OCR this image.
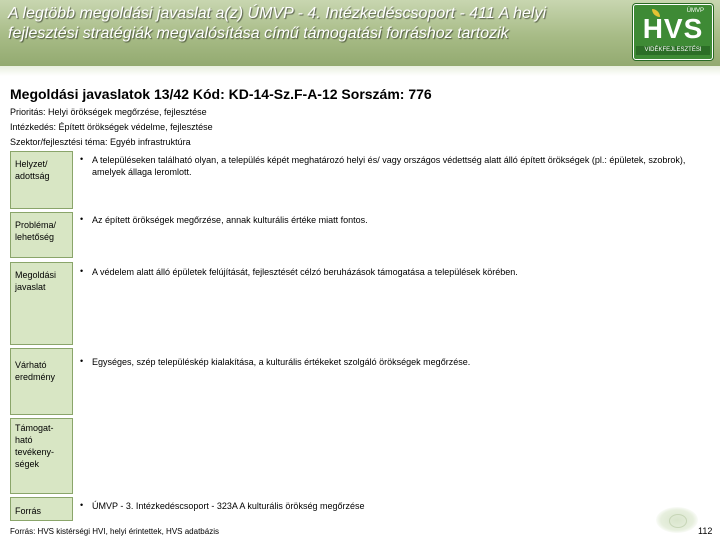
A legtöbb megoldási javaslat a(z) ÚMVP - 4. Intézkedéscsoport - 411 A helyi fejlesztési stratégiák megvalósítása című támogatási forráshoz tartozik
ÚMVP
HVS
VIDÉKFEJLESZTÉSI
Megoldási javaslatok 13/42 Kód: KD-14-Sz.F-A-12 Sorszám: 776
Prioritás: Helyi örökségek megőrzése, fejlesztése
Intézkedés: Épített örökségek védelme, fejlesztése
Szektor/fejlesztési téma: Egyéb infrastruktúra
Helyzet/ adottság
• A településeken található olyan, a település képét meghatározó helyi és/ vagy országos védettség alatt álló épített örökségek (pl.: épületek, szobrok), amelyek állaga leromlott.
Probléma/ lehetőség
• Az épített örökségek megőrzése, annak kulturális értéke miatt fontos.
Megoldási javaslat
• A védelem alatt álló épületek felújítását, fejlesztését célzó beruházások támogatása a települések körében.
Várható eredmény
• Egységes, szép településkép kialakítása, a kulturális értékeket szolgáló örökségek megőrzése.
Támogat-ható tevékeny-ségek
Forrás
• ÚMVP - 3. Intézkedéscsoport - 323A A kulturális örökség megőrzése
Forrás: HVS kistérségi HVI, helyi érintettek, HVS adatbázis	112
